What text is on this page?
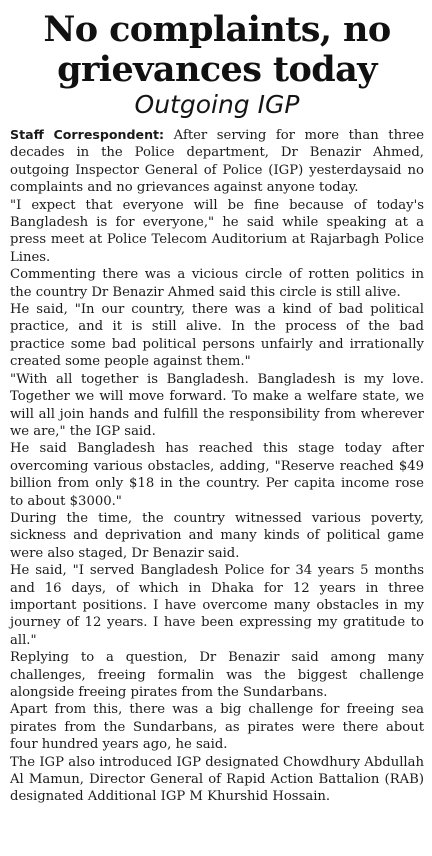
No complaints, no
grievances today
Outgoing IGP

Staff Correspondent: After serving for more than three decades in the Police department, Dr Benazir Ahmed, outgoing Inspector General of Police (IGP) yesterdaysaid no complaints and no grievances against anyone today.

"I expect that everyone will be fine because of today's Bangladesh is for everyone," he said while speaking at a press meet at Police Telecom Auditorium at Rajarbagh Police Lines.

Commenting there was a vicious circle of rotten politics in the country Dr Benazir Ahmed said this circle is still alive.

He said, "In our country, there was a kind of bad political practice, and it is still alive. In the process of the bad practice some bad political persons unfairly and irrationally created some people against them."

"With all together is Bangladesh. Bangladesh is my love. Together we will move forward. To make a welfare state, we will all join hands and fulfill the responsibility from wherever we are," the IGP said.

He said Bangladesh has reached this stage today after overcoming various obstacles, adding, "Reserve reached $49 billion from only $18 in the country. Per capita income rose to about $3000."

During the time, the country witnessed various poverty, sickness and deprivation and many kinds of political game were also staged, Dr Benazir said.

He said, "I served Bangladesh Police for 34 years 5 months and 16 days, of which in Dhaka for 12 years in three important positions. I have overcome many obstacles in my journey of 12 years. I have been expressing my gratitude to all."

Replying to a question, Dr Benazir said among many challenges, freeing formalin was the biggest challenge alongside freeing pirates from the Sundarbans.

Apart from this, there was a big challenge for freeing sea pirates from the Sundarbans, as pirates were there about four hundred years ago, he said.

The IGP also introduced IGP designated Chowdhury Abdullah Al Mamun, Director General of Rapid Action Battalion (RAB) designated Additional IGP M Khurshid Hossain.
